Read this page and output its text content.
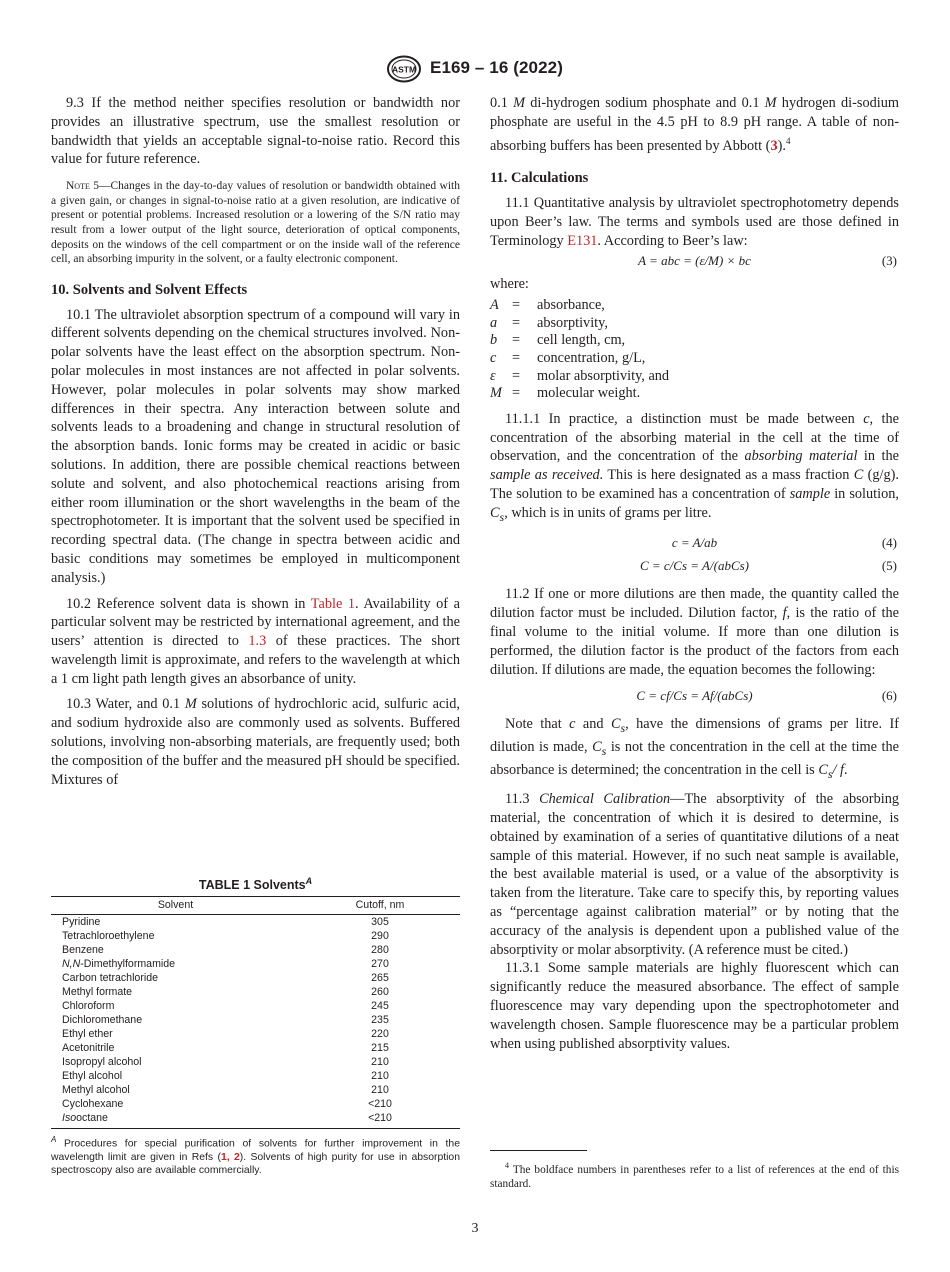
ASTM E169 – 16 (2022)

9.3 If the method neither specifies resolution or bandwidth nor provides an illustrative spectrum, use the smallest resolution or bandwidth that yields an acceptable signal-to-noise ratio. Record this value for future reference.

Note 5—Changes in the day-to-day values of resolution or bandwidth obtained with a given gain, or changes in signal-to-noise ratio at a given resolution, are indicative of present or potential problems. Increased resolution or a lowering of the S/N ratio may result from a lower output of the light source, deterioration of optical components, deposits on the windows of the cell compartment or on the inside wall of the reference cell, an absorbing impurity in the solvent, or a faulty electronic component.

10. Solvents and Solvent Effects

10.1 The ultraviolet absorption spectrum of a compound will vary in different solvents depending on the chemical structures involved. Non-polar solvents have the least effect on the absorption spectrum. Non-polar molecules in most instances are not affected in polar solvents. However, polar molecules in polar solvents may show marked differences in their spectra. Any interaction between solute and solvents leads to a broadening and change in structural resolution of the absorption bands. Ionic forms may be created in acidic or basic solutions. In addition, there are possible chemical reactions between solute and solvent, and also photochemical reactions arising from either room illumination or the short wavelengths in the beam of the spectrophotometer. It is important that the solvent used be specified in recording spectral data. (The change in spectra between acidic and basic conditions may sometimes be employed in multicomponent analysis.)

10.2 Reference solvent data is shown in Table 1. Availability of a particular solvent may be restricted by international agreement, and the users’ attention is directed to 1.3 of these practices. The short wavelength limit is approximate, and refers to the wavelength at which a 1 cm light path length gives an absorbance of unity.

10.3 Water, and 0.1 M solutions of hydrochloric acid, sulfuric acid, and sodium hydroxide also are commonly used as solvents. Buffered solutions, involving non-absorbing materials, are frequently used; both the composition of the buffer and the measured pH should be specified. Mixtures of

TABLE 1 Solvents$^A$
Solvent	Cutoff, nm
Pyridine	305
Tetrachloroethylene	290
Benzene	280
N,N-Dimethylformamide	270
Carbon tetrachloride	265
Methyl formate	260
Chloroform	245
Dichloromethane	235
Ethyl ether	220
Acetonitrile	215
Isopropyl alcohol	210
Ethyl alcohol	210
Methyl alcohol	210
Cyclohexane	<210
Isooctane	<210
$^A$ Procedures for special purification of solvents for further improvement in the wavelength limit are given in Refs (1, 2). Solvents of high purity for use in absorption spectroscopy also are available commercially.

0.1 M di-hydrogen sodium phosphate and 0.1 M hydrogen di-sodium phosphate are useful in the 4.5 pH to 8.9 pH range. A table of non-absorbing buffers has been presented by Abbott (3).$^4$

11. Calculations

11.1 Quantitative analysis by ultraviolet spectrophotometry depends upon Beer’s law. The terms and symbols used are those defined in Terminology E131. According to Beer’s law:

A = abc = (ε/M) × bc	(3)

where:

A =	absorbance,
a	=	absorptivity,
b	=	cell length, cm,
c	=	concentration, g/L,
ε	=	molar absorptivity, and
M =	molecular weight.

11.1.1 In practice, a distinction must be made between c, the concentration of the absorbing material in the cell at the time of observation, and the concentration of the absorbing material in the sample as received. This is here designated as a mass fraction C (g/g). The solution to be examined has a concentration of sample in solution, $C_s$, which is in units of grams per litre.

c = A/ab	(4)
C = c/Cs = A/(abCs)	(5)

11.2 If one or more dilutions are then made, the quantity called the dilution factor must be included. Dilution factor, f, is the ratio of the final volume to the initial volume. If more than one dilution is performed, the dilution factor is the product of the factors from each dilution. If dilutions are made, the equation becomes the following:

C = cf/Cs = Af/(abCs)	(6)

Note that c and $C_s$, have the dimensions of grams per litre. If dilution is made, $C_s$ is not the concentration in the cell at the time the absorbance is determined; the concentration in the cell is $C_s/$ f.

11.3 Chemical Calibration—The absorptivity of the absorbing material, the concentration of which it is desired to determine, is obtained by examination of a series of quantitative dilutions of a neat sample of this material. However, if no such neat sample is available, the best available material is used, or a value of the absorptivity is taken from the literature. Take care to specify this, by reporting values as “percentage against calibration material” or by noting that the accuracy of the analysis is dependent upon a published value of the absorptivity or molar absorptivity. (A reference must be cited.)

11.3.1 Some sample materials are highly fluorescent which can significantly reduce the measured absorbance. The effect of sample fluorescence may vary depending upon the spectrophotometer and wavelength chosen. Sample fluorescence may be a particular problem when using published absorptivity values.

$^4$ The boldface numbers in parentheses refer to a list of references at the end of this standard.
3
